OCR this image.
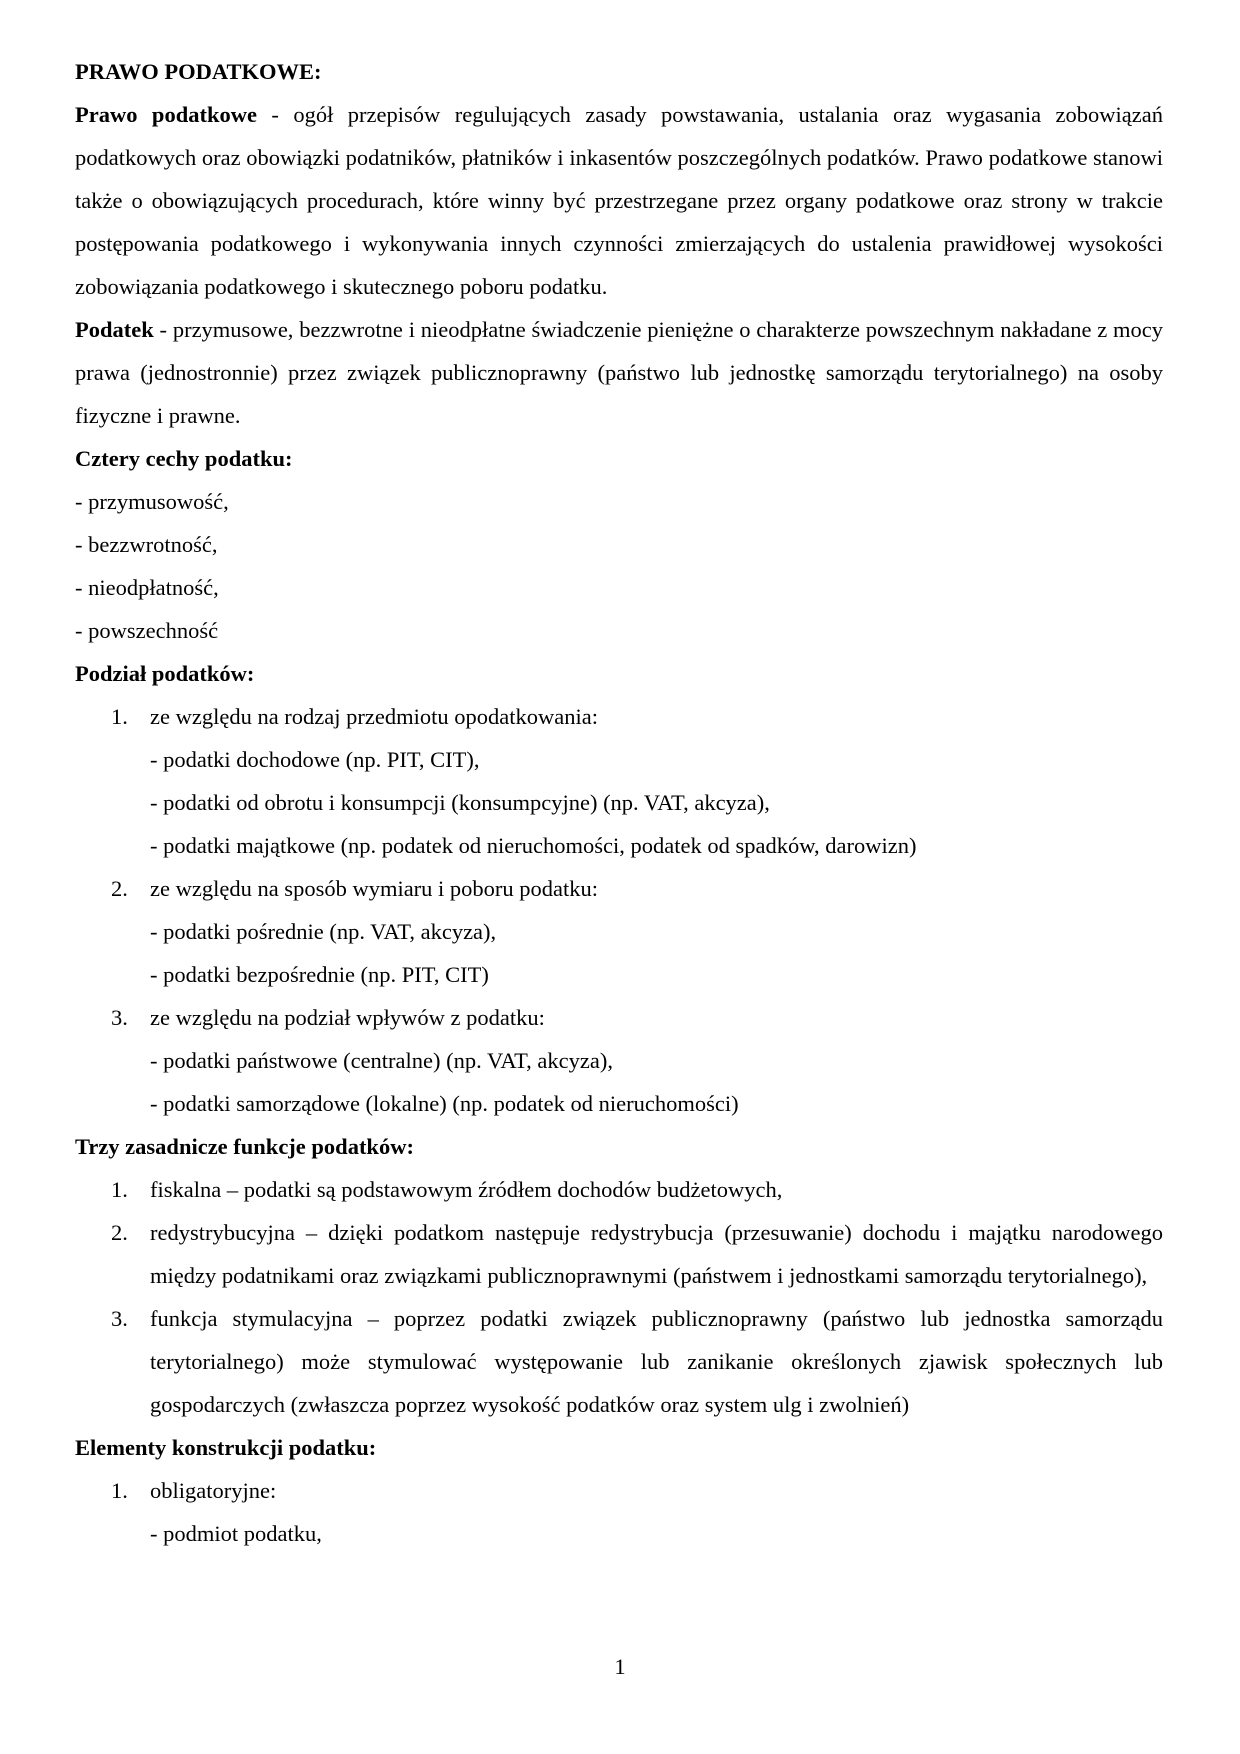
PRAWO PODATKOWE:

Prawo podatkowe - ogół przepisów regulujących zasady powstawania, ustalania oraz wygasania zobowiązań podatkowych oraz obowiązki podatników, płatników i inkasentów poszczególnych podatków. Prawo podatkowe stanowi także o obowiązujących procedurach, które winny być przestrzegane przez organy podatkowe oraz strony w trakcie postępowania podatkowego i wykonywania innych czynności zmierzających do ustalenia prawidłowej wysokości zobowiązania podatkowego i skutecznego poboru podatku.

Podatek - przymusowe, bezzwrotne i nieodpłatne świadczenie pieniężne o charakterze powszechnym nakładane z mocy prawa (jednostronnie) przez związek publicznoprawny (państwo lub jednostkę samorządu terytorialnego) na osoby fizyczne i prawne.

Cztery cechy podatku:

- przymusowość,

- bezzwrotność,

- nieodpłatność,

- powszechność

Podział podatków:

1. ze względu na rodzaj przedmiotu opodatkowania:

- podatki dochodowe (np. PIT, CIT),

- podatki od obrotu i konsumpcji (konsumpcyjne) (np. VAT, akcyza),

- podatki majątkowe (np. podatek od nieruchomości, podatek od spadków, darowizn)

2. ze względu na sposób wymiaru i poboru podatku:

- podatki pośrednie (np. VAT, akcyza),

- podatki bezpośrednie (np. PIT, CIT)

3. ze względu na podział wpływów z podatku:

- podatki państwowe (centralne) (np. VAT, akcyza),

- podatki samorządowe (lokalne) (np. podatek od nieruchomości)

Trzy zasadnicze funkcje podatków:

1. fiskalna – podatki są podstawowym źródłem dochodów budżetowych,

2. redystrybucyjna – dzięki podatkom następuje redystrybucja (przesuwanie) dochodu i majątku narodowego między podatnikami oraz związkami publicznoprawnymi (państwem i jednostkami samorządu terytorialnego),

3. funkcja stymulacyjna – poprzez podatki związek publicznoprawny (państwo lub jednostka samorządu terytorialnego) może stymulować występowanie lub zanikanie określonych zjawisk społecznych lub gospodarczych (zwłaszcza poprzez wysokość podatków oraz system ulg i zwolnień)

Elementy konstrukcji podatku:

1. obligatoryjne:

- podmiot podatku,

1
